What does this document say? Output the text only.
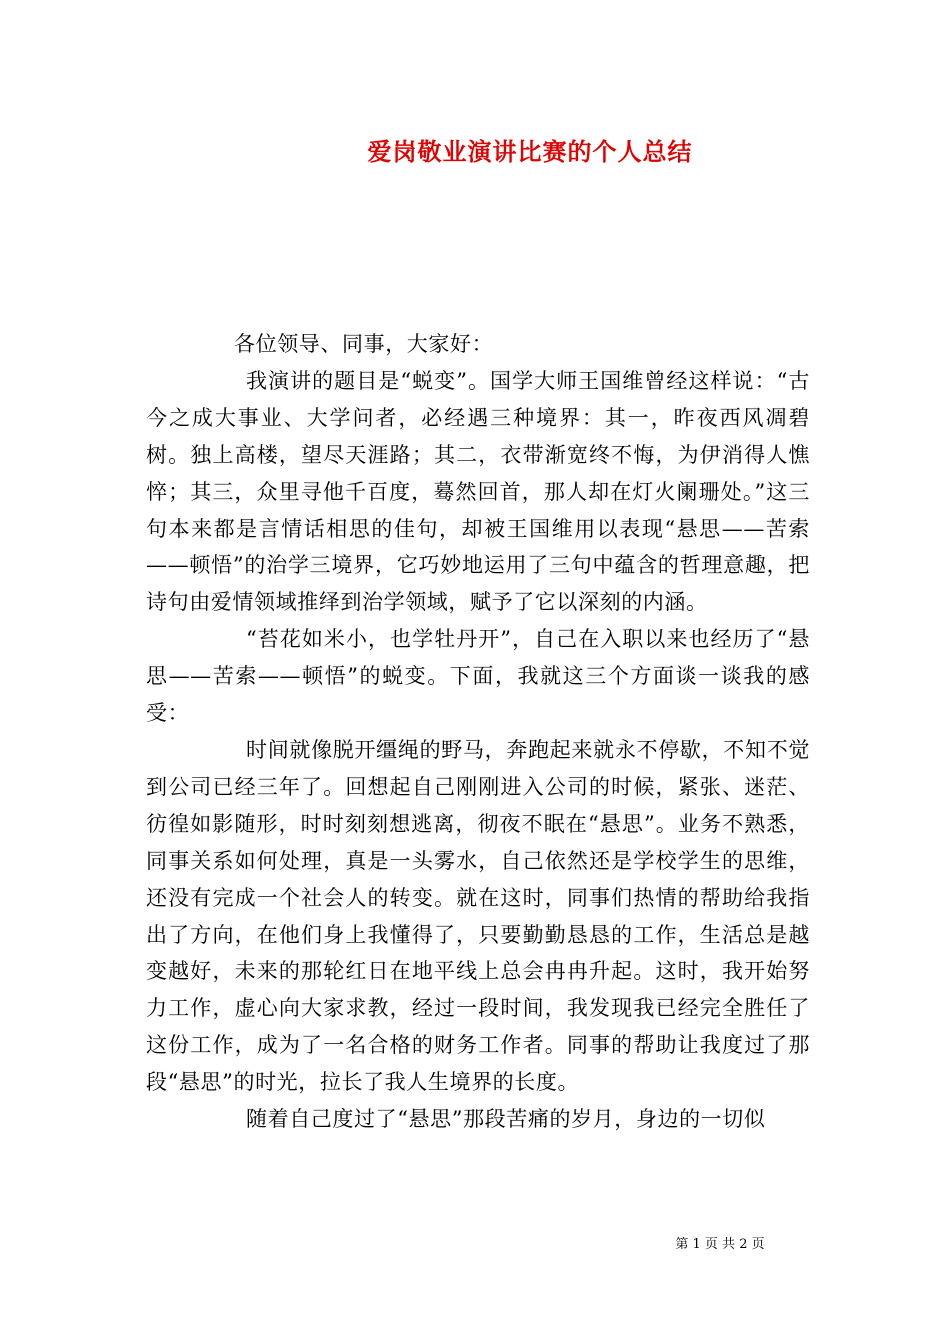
爱岗敬业演讲比赛的个人总结

各位领导、同事，大家好：

我演讲的题目是“蜕变”。国学大师王国维曾经这样说：“古今之成大事业、大学问者，必经遇三种境界：其一，昨夜西风凋碧树。独上高楼，望尽天涯路；其二，衣带渐宽终不悔，为伊消得人憔悴；其三，众里寻他千百度，蓦然回首，那人却在灯火阑珊处。”这三句本来都是言情话相思的佳句，却被王国维用以表现“悬思——苦索——顿悟”的治学三境界，它巧妙地运用了三句中蕴含的哲理意趣，把诗句由爱情领域推绎到治学领域，赋予了它以深刻的内涵。

“苔花如米小，也学牡丹开”，自己在入职以来也经历了“悬思——苦索——顿悟”的蜕变。下面，我就这三个方面谈一谈我的感受：

时间就像脱开缰绳的野马，奔跑起来就永不停歇，不知不觉到公司已经三年了。回想起自己刚刚进入公司的时候，紧张、迷茫、彷徨如影随形，时时刻刻想逃离，彻夜不眠在“悬思”。业务不熟悉，同事关系如何处理，真是一头雾水，自己依然还是学校学生的思维，还没有完成一个社会人的转变。就在这时，同事们热情的帮助给我指出了方向，在他们身上我懂得了，只要勤勤恳恳的工作，生活总是越变越好，未来的那轮红日在地平线上总会冉冉升起。这时，我开始努力工作，虚心向大家求教，经过一段时间，我发现我已经完全胜任了这份工作，成为了一名合格的财务工作者。同事的帮助让我度过了那段“悬思”的时光，拉长了我人生境界的长度。

随着自己度过了“悬思”那段苦痛的岁月，身边的一切似

第 1 页 共 2 页
